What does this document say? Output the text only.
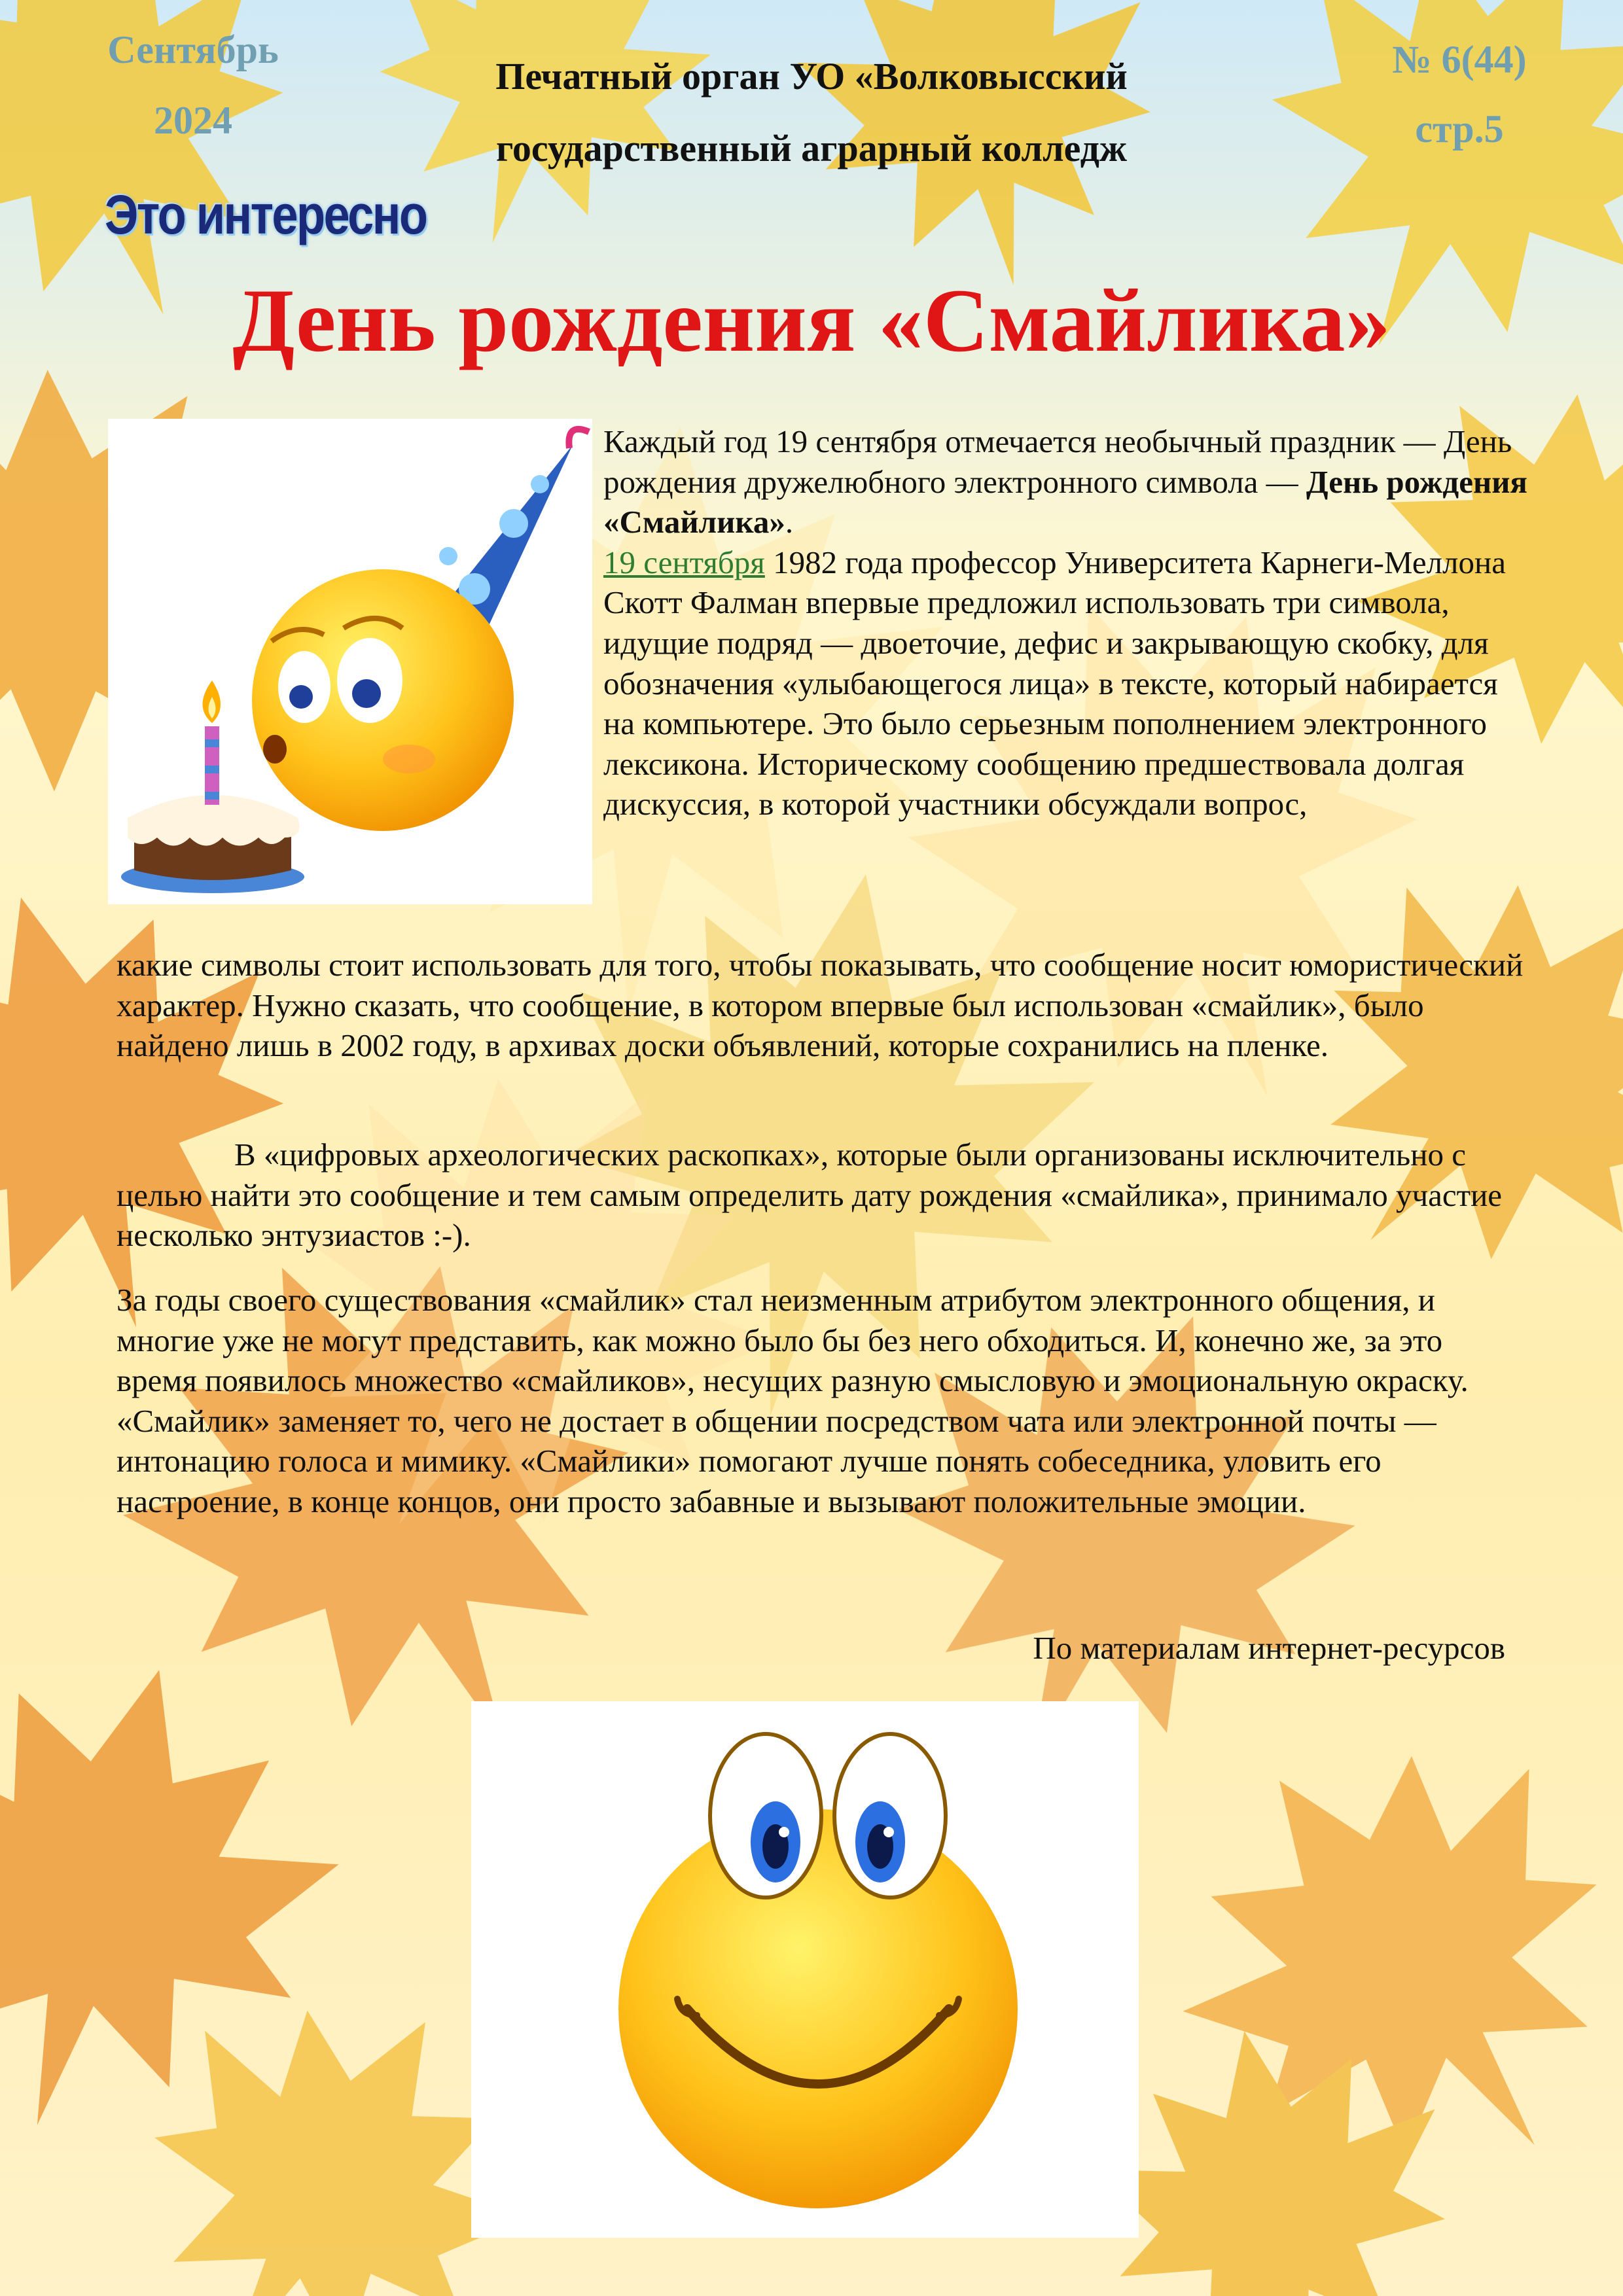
Сентябрь
2024
Печатный орган УО «Волковысский
государственный аграрный колледж
№ 6(44)
стр.5
Это интересно
День рождения «Смайлика»

Каждый год 19 сентября отмечается необычный праздник — День рождения дружелюбного электронного символа — День рождения «Смайлика».

19 сентября 1982 года профессор Университета Карнеги-Меллона Скотт Фалман впервые предложил использовать три символа, идущие подряд — двоеточие, дефис и закрывающую скобку, для обозначения «улыбающегося лица» в тексте, который набирается на компьютере. Это было серьезным пополнением электронного лексикона. Историческому сообщению предшествовала долгая дискуссия, в которой участники обсуждали вопрос,

какие символы стоит использовать для того, чтобы показывать, что сообщение носит юмористический характер. Нужно сказать, что сообщение, в котором впервые был использован «смайлик», было найдено лишь в 2002 году, в архивах доски объявлений, которые сохранились на пленке.

В «цифровых археологических раскопках», которые были организованы исключительно с целью найти это сообщение и тем самым определить дату рождения «смайлика», принимало участие несколько энтузиастов :-).

За годы своего существования «смайлик» стал неизменным атрибутом электронного общения, и многие уже не могут представить, как можно было бы без него обходиться. И, конечно же, за это время появилось множество «смайликов», несущих разную смысловую и эмоциональную окраску.

«Смайлик» заменяет то, чего не достает в общении посредством чата или электронной почты — интонацию голоса и мимику. «Смайлики» помогают лучше понять собеседника, уловить его настроение, в конце концов, они просто забавные и вызывают положительные эмоции.

По материалам интернет-ресурсов
